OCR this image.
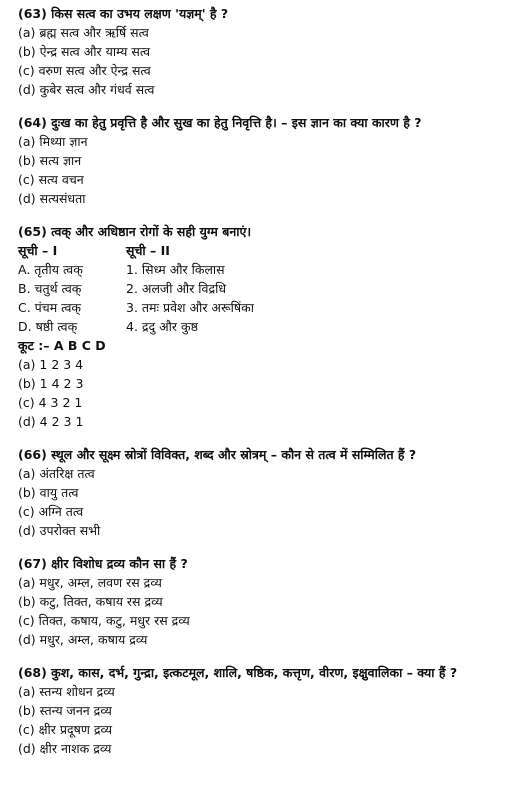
(63) किस सत्व का उभय लक्षण 'यज्ञम्' है ?
(a) ब्रह्म सत्व और ऋर्षि सत्व
(b) ऐन्द्र सत्व और याम्य सत्व
(c) वरुण सत्व और ऐन्द्र सत्व
(d) कुबेर सत्व और गंधर्व सत्व
(64) दुःख का हेतु प्रवृत्ति है और सुख का हेतु निवृत्ति है। – इस ज्ञान का क्या कारण है ?
(a) मिथ्या ज्ञान
(b) सत्य ज्ञान
(c) सत्य वचन
(d) सत्यसंधता
(65) त्वक् और अधिष्ठान रोगों के सही युग्म बनाएं।
सूची – I	सूची – II
A. तृतीय त्वक्	1. सिध्म और किलास
B. चतुर्थ त्वक्	2. अलजी और विद्रधि
C. पंचम त्वक्	3. तमः प्रवेश और अरूषिंका
D. षष्ठी त्वक्	4. द्रदु और कुष्ठ
कूट :– A B C D
(a) 1 2 3 4
(b) 1 4 2 3
(c) 4 3 2 1
(d) 4 2 3 1
(66) स्थूल और सूक्ष्म स्रोत्रों विविक्त, शब्द और स्रोत्रम् – कौन से तत्व में सम्मिलित हैं ?
(a) अंतरिक्ष तत्व
(b) वायु तत्व
(c) अग्नि तत्व
(d) उपरोक्त सभी
(67) क्षीर विशोध द्रव्य कौन सा हैं ?
(a) मधुर, अम्ल, लवण रस द्रव्य
(b) कटु, तिक्त, कषाय रस द्रव्य
(c) तिक्त, कषाय, कटु, मधुर रस द्रव्य
(d) मधुर, अम्ल, कषाय द्रव्य
(68) कुश, कास, दर्भ, गुन्द्रा, इत्कटमूल, शालि, षष्ठिक, कत्तृण, वीरण, इक्षुवालिका – क्या हैं ?
(a) स्तन्य शोधन द्रव्य
(b) स्तन्य जनन द्रव्य
(c) क्षीर प्रदूषण द्रव्य
(d) क्षीर नाशक द्रव्य
